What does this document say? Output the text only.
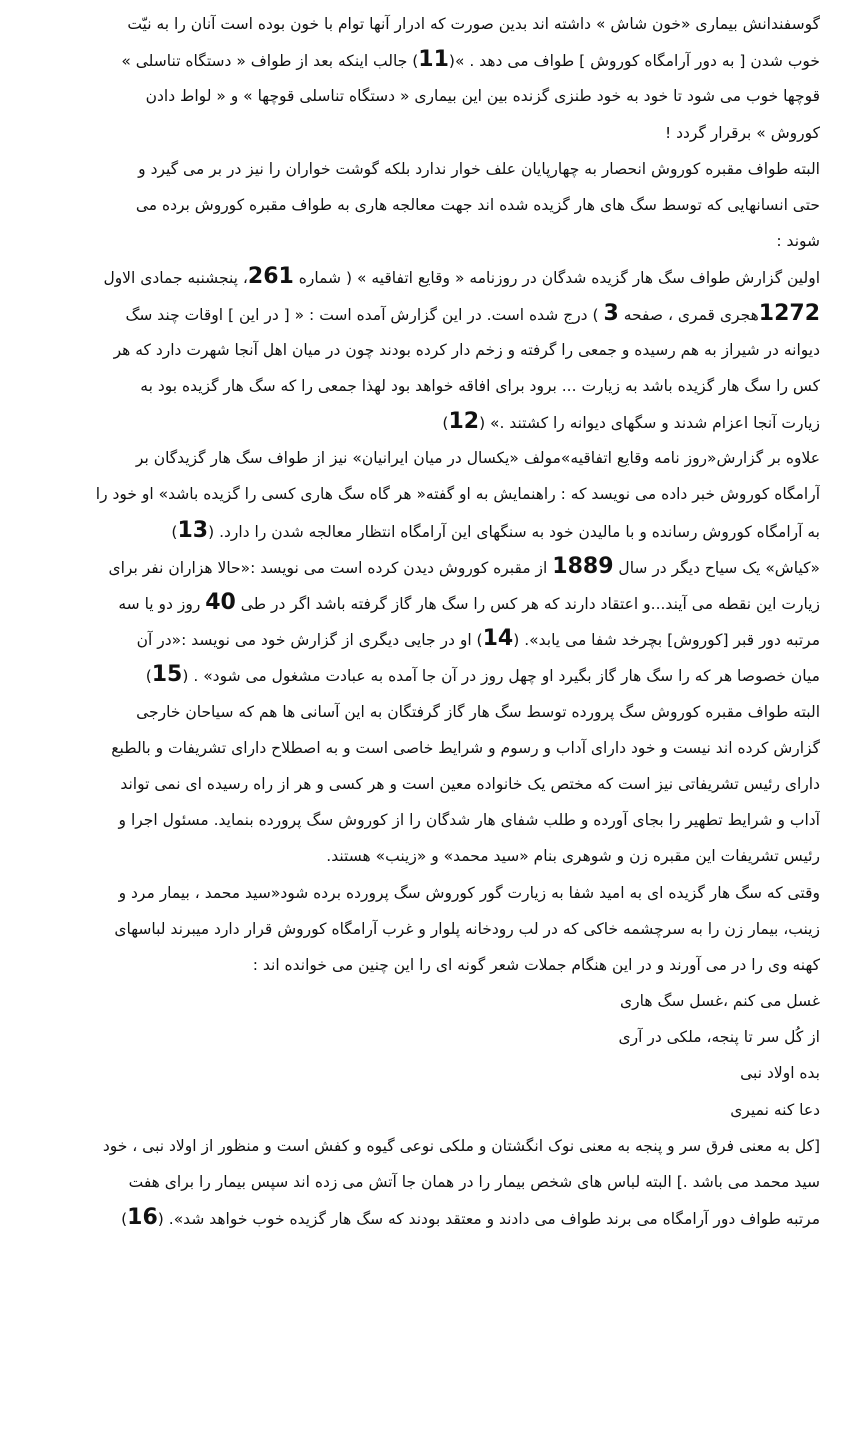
گوسفندانش بیماری «خون شاش » داشته اند بدین صورت که ادرار آنها توام با خون بوده است آنان را به نیّت
خوب شدن [ به دور آرامگاه کوروش ] طواف می دهد . »(11) جالب اینکه بعد از طواف « دستگاه تناسلی »
قوچها خوب می شود تا خود به خود طنزی گزنده بین این بیماری « دستگاه تناسلی قوچها » و « لواط دادن
کوروش » برقرار گردد !
البته طواف مقبره کوروش انحصار به چهارپایان علف خوار ندارد بلکه گوشت خواران را نیز در بر می گیرد و
حتی انسانهایی که توسط سگ های هار گزیده شده اند جهت معالجه هاری به طواف مقبره کوروش برده می
شوند :
اولین گزارش طواف سگ هار گزیده شدگان در روزنامه « وقایع اتفاقیه » ( شماره 261، پنجشنبه جمادی الاول
1272هجری قمری ، صفحه 3 ) درج شده است. در این گزارش آمده است : « [ در این ] اوقات چند سگ
دیوانه در شیراز به هم رسیده و جمعی را گرفته و زخم دار کرده بودند چون در میان اهل آنجا شهرت دارد که هر
کس را سگ هار گزیده باشد به زیارت ... برود برای افاقه خواهد بود لهذا جمعی را که سگ هار گزیده بود به
زیارت آنجا اعزام شدند و سگهای دیوانه را کشتند .» (12)
علاوه بر گزارش«روز نامه وقایع اتفاقیه»مولف «یکسال در میان ایرانیان» نیز از طواف سگ هار گزیدگان بر
آرامگاه کوروش خبر داده می نویسد که : راهنمایش به او گفته« هر گاه سگ هاری کسی را گزیده باشد» او خود را
به آرامگاه کوروش رسانده و با مالیدن خود به سنگهای این آرامگاه انتظار معالجه شدن را دارد. (13)
«کیاش» یک سیاح دیگر در سال 1889 از مقبره کوروش دیدن کرده است می نویسد :«حالا هزاران نفر برای
زیارت این نقطه می آیند...و اعتقاد دارند که هر کس را سگ هار گاز گرفته باشد اگر در طی 40 روز دو یا سه
مرتبه دور قبر [کوروش] بچرخد شفا می یابد». (14) او در جایی دیگری از گزارش خود می نویسد :«در آن
میان خصوصا هر که را سگ هار گاز بگیرد او چهل روز در آن جا آمده به عبادت مشغول می شود» . (15)
البته طواف مقبره کوروش سگ پرورده توسط سگ هار گاز گرفتگان به این آسانی ها هم که سیاحان خارجی
گزارش کرده اند نیست و خود دارای آداب و رسوم و شرایط خاصی است و به اصطلاح دارای تشریفات و بالطبع
دارای رئیس تشریفاتی نیز است که مختص یک خانواده معین است و هر کسی و هر از راه رسیده ای نمی تواند
آداب و شرایط تطهیر را بجای آورده و طلب شفای هار شدگان را از کوروش سگ پرورده بنماید. مسئول اجرا و
رئیس تشریفات این مقبره زن و شوهری بنام «سید محمد» و «زینب» هستند.
وقتی که سگ هار گزیده ای به امید شفا به زیارت گور کوروش سگ پرورده برده شود«سید محمد ، بیمار مرد و
زینب، بیمار زن را به سرچشمه خاکی که در لب رودخانه پلوار و غرب آرامگاه کوروش قرار دارد میبرند لباسهای
کهنه وی را در می آورند و در این هنگام جملات شعر گونه ای را این چنین می خوانده اند :
غسل می کنم ،غسل سگ هاری
از کُل سر تا پنجه، ملکی در آری
بده اولاد نبی
دعا کنه نمیری
[کل به معنی فرق سر و پنجه به معنی نوک انگشتان و ملکی نوعی گیوه و کفش است و منظور از اولاد نبی ، خود
سید محمد می باشد .] البته لباس های شخص بیمار را در همان جا آتش می زده اند سپس بیمار را برای هفت
مرتبه طواف دور آرامگاه می برند طواف می دادند و معتقد بودند که سگ هار گزیده خوب خواهد شد». (16)
